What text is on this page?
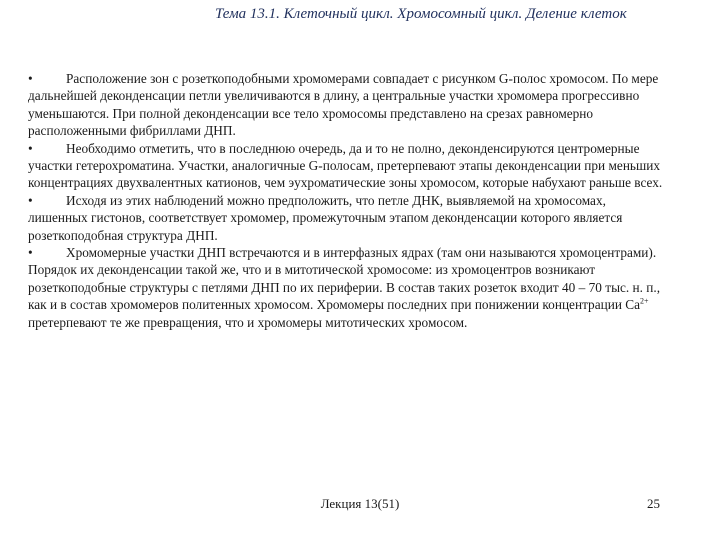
Тема 13.1. Клеточный цикл. Хромосомный цикл. Деление клеток

•	Расположение зон с розеткоподобными хромомерами совпадает с рисунком G-полос хромосом. По мере дальнейшей деконденсации петли увеличиваются в длину, а центральные участки хромомера прогрессивно уменьшаются. При полной деконденсации все тело хромосомы представлено на срезах равномерно расположенными фибриллами ДНП.

•	Необходимо отметить, что в последнюю очередь, да и то не полно, деконденсируются центромерные участки гетерохроматина. Участки, аналогичные G-полосам, претерпевают этапы деконденсации при меньших концентрациях двухвалентных катионов, чем эухроматические зоны хромосом, которые набухают раньше всех.

•	Исходя из этих наблюдений можно предположить, что петле ДНК, выявляемой на хромосомах, лишенных гистонов, соответствует хромомер, промежуточным этапом деконденсации которого является розеткоподобная структура ДНП.

•	Хромомерные участки ДНП встречаются и в интерфазных ядрах (там они называются хромоцентрами). Порядок их деконденсации такой же, что и в митотической хромосоме: из хромоцентров возникают розеткоподобные структуры с петлями ДНП по их периферии. В состав таких розеток входит 40 – 70 тыс. н. п., как и в состав хромомеров политенных хромосом. Хромомеры последних при понижении концентрации $Ca^{2+}$ претерпевают те же превращения, что и хромомеры митотических хромосом.

Лекция 13(51)	25
